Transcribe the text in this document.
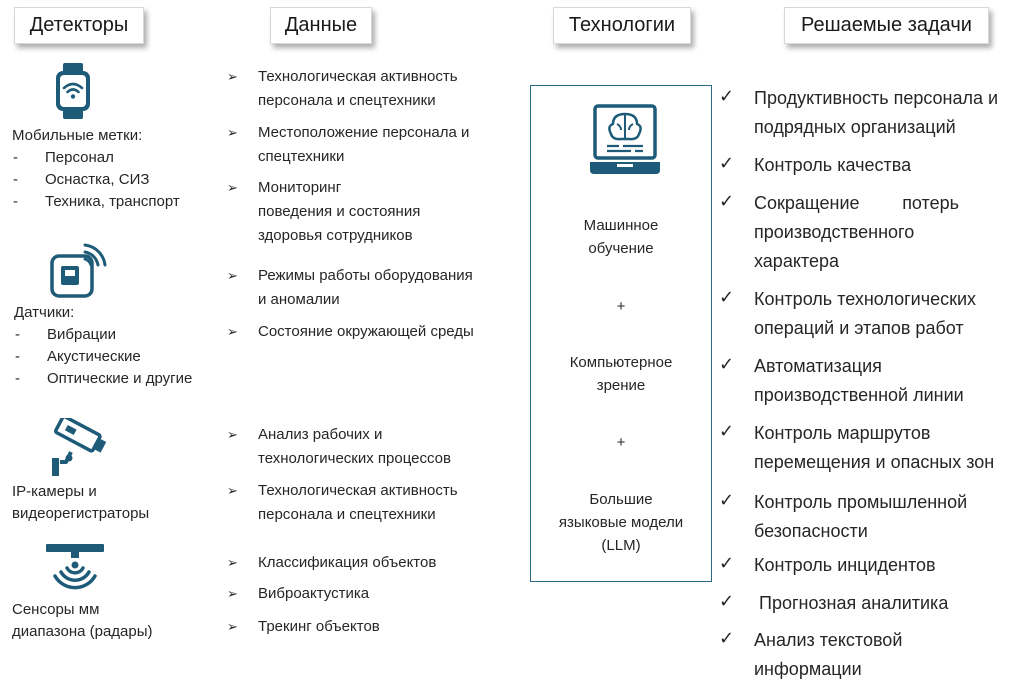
Детекторы	Данные	Технологии	Решаемые задачи
Мобильные метки:
- Персонал
- Оснастка, СИЗ
- Техника, транспорт
Датчики:
- Вибрации
- Акустические
- Оптические и другие
IP-камеры и
видеорегистраторы
Сенсоры мм
диапазона (радары)
➢ Технологическая активность
персонала и спецтехники
➢ Местоположение персонала и
спецтехники
➢ Мониторинг
поведения и состояния
здоровья сотрудников
➢ Режимы работы оборудования
и аномалии
➢ Состояние окружающей среды
➢ Анализ рабочих и
технологических процессов
➢ Технологическая активность
персонала и спецтехники
➢ Классификация объектов
➢ Виброактустика
➢ Трекинг объектов
Машинное
обучение
+
Компьютерное
зрение
+
Большие
языковые модели
(LLM)
✓ Продуктивность персонала и
подрядных организаций
✓ Контроль качества
✓ Сокращение потерь
производственного
характера
✓ Контроль технологических
операций и этапов работ
✓ Автоматизация
производственной линии
✓ Контроль маршрутов
перемещения и опасных зон
✓ Контроль промышленной
безопасности
✓ Контроль инцидентов
✓ Прогнозная аналитика
✓ Анализ текстовой
информации
